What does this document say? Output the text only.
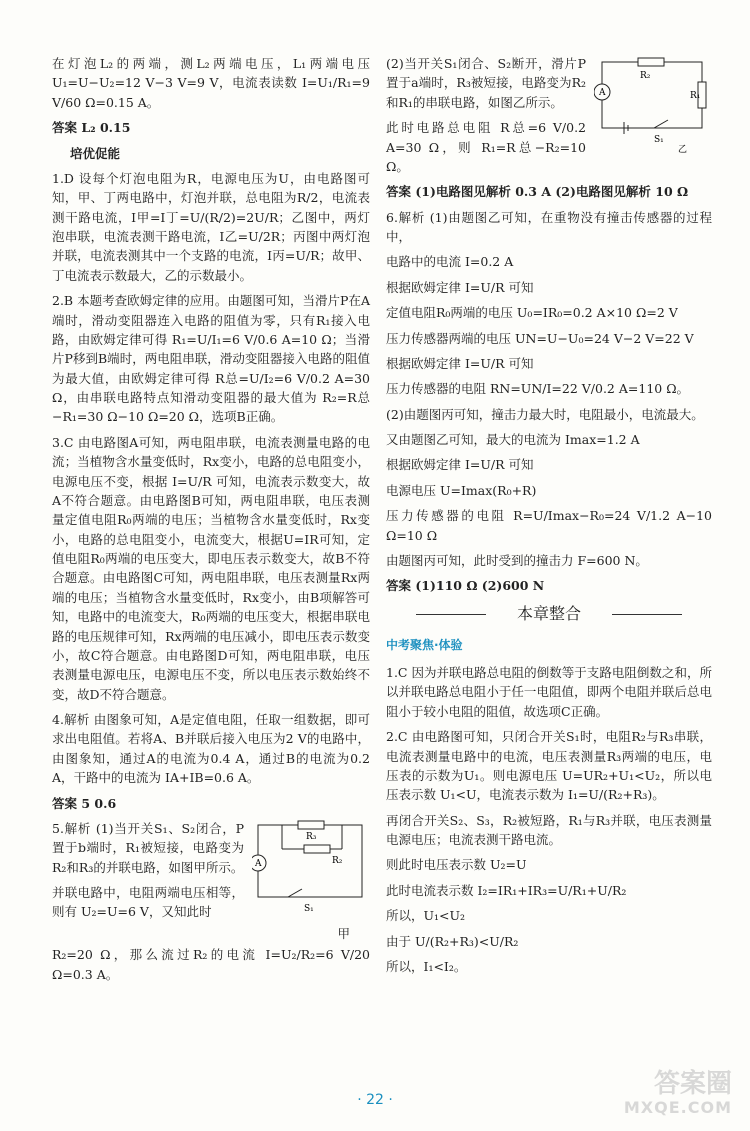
在灯泡L₂的两端，测L₂两端电压，L₁两端电压U₁=U−U₂=12 V−3 V=9 V，电流表读数 I=U₁/R₁=9 V/60 Ω=0.15 A。

答案 L₂ 0.15

培优促能

1.D 设每个灯泡电阻为R，电源电压为U，由电路图可知，甲、丁两电路中，灯泡并联，总电阻为R/2，电流表测干路电流，I甲=I丁=U/(R/2)=2U/R；乙图中，两灯泡串联，电流表测干路电流，I乙=U/2R；丙图中两灯泡并联，电流表测其中一个支路的电流，I丙=U/R；故甲、丁电流表示数最大，乙的示数最小。

2.B 本题考查欧姆定律的应用。由题图可知，当滑片P在A端时，滑动变阻器连入电路的阻值为零，只有R₁接入电路，由欧姆定律可得 R₁=U/I₁=6 V/0.6 A=10 Ω；当滑片P移到B端时，两电阻串联，滑动变阻器接入电路的阻值为最大值，由欧姆定律可得 R总=U/I₂=6 V/0.2 A=30 Ω，由串联电路特点知滑动变阻器的最大值为 R₂=R总−R₁=30 Ω−10 Ω=20 Ω，选项B正确。

3.C 由电路图A可知，两电阻串联，电流表测量电路的电流；当植物含水量变低时，Rx变小，电路的总电阻变小，电源电压不变，根据 I=U/R 可知，电流表示数变大，故A不符合题意。由电路图B可知，两电阻串联，电压表测量定值电阻R₀两端的电压；当植物含水量变低时，Rx变小，电路的总电阻变小，电流变大，根据U=IR可知，定值电阻R₀两端的电压变大，即电压表示数变大，故B不符合题意。由电路图C可知，两电阻串联，电压表测量Rx两端的电压；当植物含水量变低时，Rx变小，由B项解答可知，电路中的电流变大，R₀两端的电压变大，根据串联电路的电压规律可知，Rx两端的电压减小，即电压表示数变小，故C符合题意。由电路图D可知，两电阻串联，电压表测量电源电压，电源电压不变，所以电压表示数始终不变，故D不符合题意。

4.解析 由图象可知，A是定值电阻，任取一组数据，即可求出电阻值。若将A、B并联后接入电压为2 V的电路中，由图象知，通过A的电流为0.4 A，通过B的电流为0.2 A，干路中的电流为 IA+IB=0.6 A。

答案 5 0.6

R₃
R₂
A
S₁

5.解析 (1)当开关S₁、S₂闭合，P置于b端时，R₁被短接，电路变为R₂和R₃的并联电路，如图甲所示。

并联电路中，电阻两端电压相等，则有 U₂=U=6 V，又知此时

甲

R₂=20 Ω，那么流过R₂的电流 I=U₂/R₂=6 V/20 Ω=0.3 A。

R₂
R₁
A
S₁
乙

(2)当开关S₁闭合、S₂断开，滑片P置于a端时，R₃被短接，电路变为R₂和R₁的串联电路，如图乙所示。

此时电路总电阻 R总=6 V/0.2 A=30 Ω，则 R₁=R总−R₂=10 Ω。

答案 (1)电路图见解析 0.3 A (2)电路图见解析 10 Ω

6.解析 (1)由题图乙可知，在重物没有撞击传感器的过程中，

电路中的电流 I=0.2 A

根据欧姆定律 I=U/R 可知

定值电阻R₀两端的电压 U₀=IR₀=0.2 A×10 Ω=2 V

压力传感器两端的电压 UN=U−U₀=24 V−2 V=22 V

根据欧姆定律 I=U/R 可知

压力传感器的电阻 RN=UN/I=22 V/0.2 A=110 Ω。

(2)由题图丙可知，撞击力最大时，电阻最小，电流最大。

又由题图乙可知，最大的电流为 Imax=1.2 A

根据欧姆定律 I=U/R 可知

电源电压 U=Imax(R₀+R)

压力传感器的电阻 R=U/Imax−R₀=24 V/1.2 A−10 Ω=10 Ω

由题图丙可知，此时受到的撞击力 F=600 N。

答案 (1)110 Ω (2)600 N

本章整合
中考聚焦·体验

1.C 因为并联电路总电阻的倒数等于支路电阻倒数之和，所以并联电路总电阻小于任一电阻值，即两个电阻并联后总电阻小于较小电阻的阻值，故选项C正确。

2.C 由电路图可知，只闭合开关S₁时，电阻R₂与R₃串联，电流表测量电路中的电流，电压表测量R₃两端的电压，电压表的示数为U₁。则电源电压 U=UR₂+U₁<U₂，所以电压表示数 U₁<U，电流表示数为 I₁=U/(R₂+R₃)。

再闭合开关S₂、S₃，R₂被短路，R₁与R₃并联，电压表测量电源电压；电流表测干路电流。

则此时电压表示数 U₂=U

此时电流表示数 I₂=IR₁+IR₃=U/R₁+U/R₂

所以，U₁<U₂

由于 U/(R₂+R₃)<U/R₂

所以，I₁<I₂。

· 22 ·
答案圈
MXQE.COM
